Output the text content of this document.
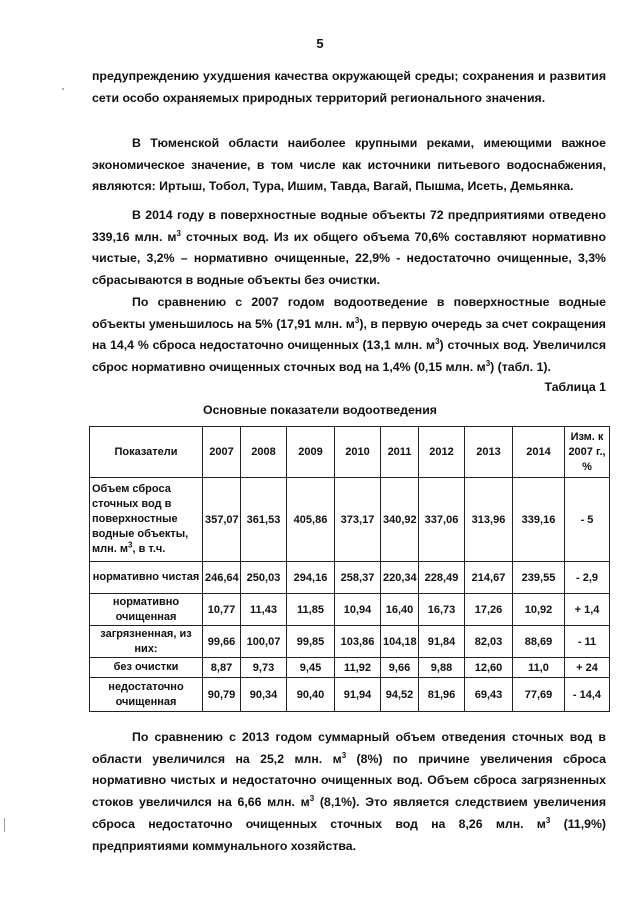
5

предупреждению ухудшения качества окружающей среды; сохранения и развития сети особо охраняемых природных территорий регионального значения.

В Тюменской области наиболее крупными реками, имеющими важное экономическое значение, в том числе как источники питьевого водоснабжения, являются: Иртыш, Тобол, Тура, Ишим, Тавда, Вагай, Пышма, Исеть, Демьянка.

В 2014 году в поверхностные водные объекты 72 предприятиями отведено 339,16 млн. $м^3$ сточных вод. Из их общего объема 70,6% составляют нормативно чистые, 3,2% – нормативно очищенные, 22,9% - недостаточно очищенные, 3,3% сбрасываются в водные объекты без очистки.

По сравнению с 2007 годом водоотведение в поверхностные водные объекты уменьшилось на 5% (17,91 млн. $м^3$), в первую очередь за счет сокращения на 14,4 % сброса недостаточно очищенных (13,1 млн. $м^3$) сточных вод. Увеличился сброс нормативно очищенных сточных вод на 1,4% (0,15 млн. $м^3$) (табл. 1).

Таблица 1
Основные показатели водоотведения
Показатели	2007	2008	2009	2010	2011	2012	2013	2014	Изм. к 2007 г., %
Объем сброса сточных вод в поверхностные водные объекты, млн. $м^3$, в т.ч.	357,07	361,53	405,86	373,17	340,92	337,06	313,96	339,16	- 5
нормативно чистая	246,64	250,03	294,16	258,37	220,34	228,49	214,67	239,55	- 2,9
нормативно очищенная	10,77	11,43	11,85	10,94	16,40	16,73	17,26	10,92	+ 1,4
загрязненная, из них:	99,66	100,07	99,85	103,86	104,18	91,84	82,03	88,69	- 11
без очистки	8,87	9,73	9,45	11,92	9,66	9,88	12,60	11,0	+ 24
недостаточно очищенная	90,79	90,34	90,40	91,94	94,52	81,96	69,43	77,69	- 14,4

По сравнению с 2013 годом суммарный объем отведения сточных вод в области увеличился на 25,2 млн. $м^3$ (8%) по причине увеличения сброса нормативно чистых и недостаточно очищенных вод. Объем сброса загрязненных стоков увеличился на 6,66 млн. $м^3$ (8,1%). Это является следствием увеличения сброса недостаточно очищенных сточных вод на 8,26 млн. $м^3$ (11,9%) предприятиями коммунального хозяйства.
